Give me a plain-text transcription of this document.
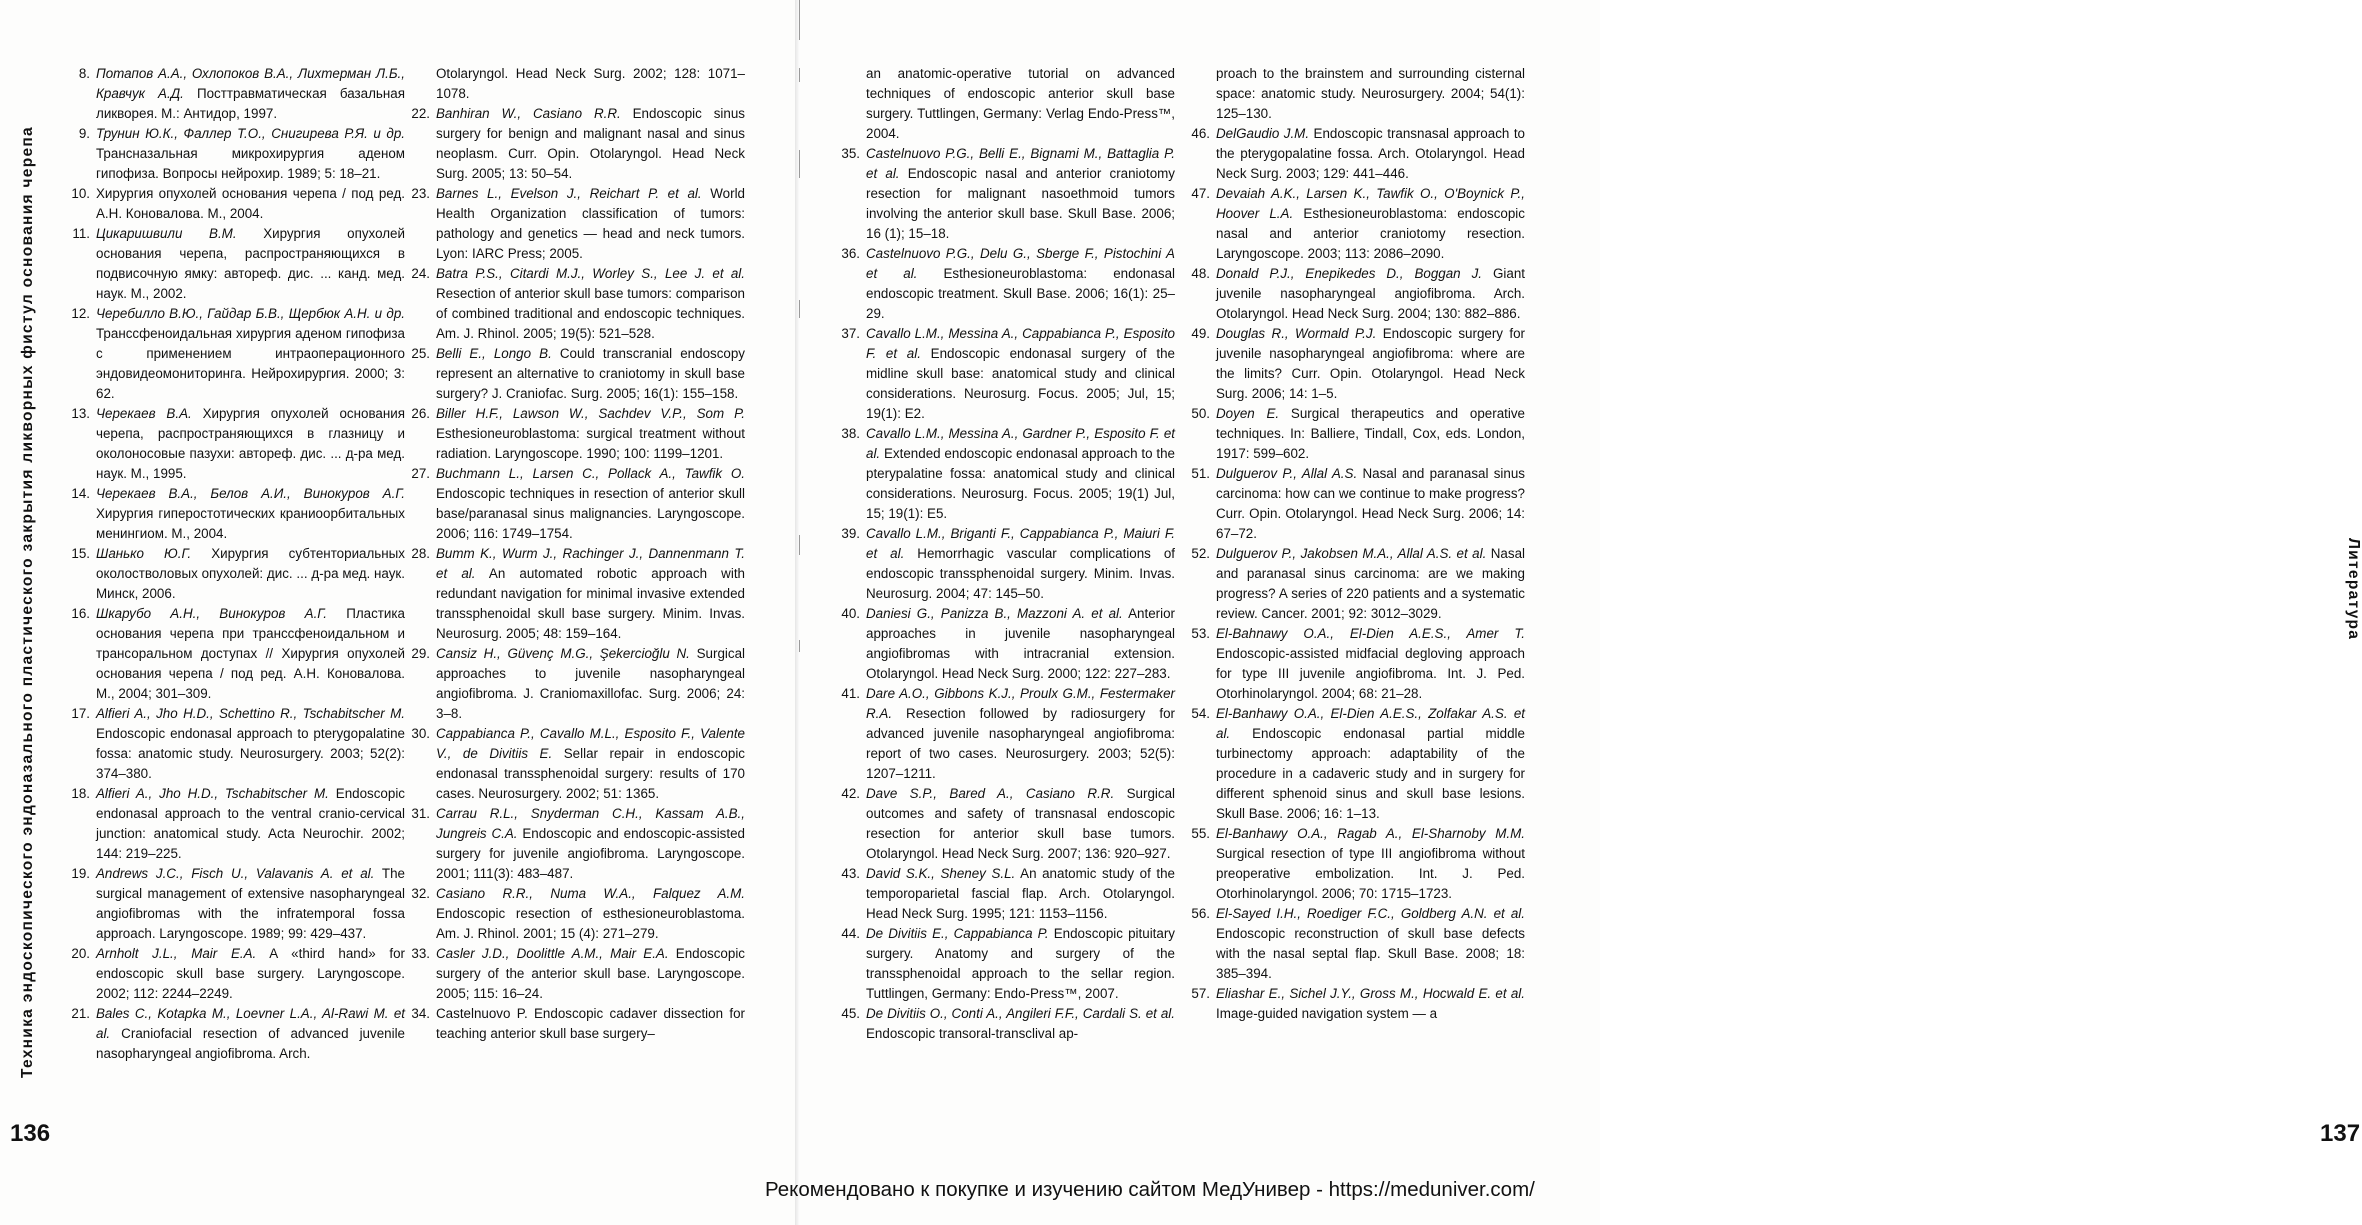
Техника эндоскопического эндоназального пластического закрытия ликворных фистул основания черепа
8. Потапов А.А., Охлопоков В.А., Лихтерман Л.Б., Кравчук А.Д. Посттравматическая базальная ликворея. М.: Антидор, 1997.
9. Трунин Ю.К., Фаллер Т.О., Снигирева Р.Я. и др. Трансназальная микрохирургия аденом гипофиза. Вопросы нейрохир. 1989; 5: 18–21.
10. Хирургия опухолей основания черепа / под ред. А.Н. Коновалова. М., 2004.
11. Цикаришвили В.М. Хирургия опухолей основания черепа, распространяющихся в подвисочную ямку: автореф. дис. ... канд. мед. наук. М., 2002.
12. Черебилло В.Ю., Гайдар Б.В., Щербюк А.Н. и др. Транссфеноидальная хирургия аденом гипофиза с применением интраоперационного эндовидеомониторинга. Нейрохирургия. 2000; 3: 62.
13. Черекаев В.А. Хирургия опухолей основания черепа, распространяющихся в глазницу и околоносовые пазухи: автореф. дис. ... д-ра мед. наук. М., 1995.
14. Черекаев В.А., Белов А.И., Винокуров А.Г. Хирургия гиперостотических краниоорбитальных менингиом. М., 2004.
15. Шанько Ю.Г. Хирургия субтенториальных околостволовых опухолей: дис. ... д-ра мед. наук. Минск, 2006.
16. Шкарубо А.Н., Винокуров А.Г. Пластика основания черепа при транссфеноидальном и трансоральном доступах // Хирургия опухолей основания черепа / под ред. А.Н. Коновалова. М., 2004; 301–309.
17. Alfieri A., Jho H.D., Schettino R., Tschabitscher M. Endoscopic endonasal approach to pterygopalatine fossa: anatomic study. Neurosurgery. 2003; 52(2): 374–380.
18. Alfieri A., Jho H.D., Tschabitscher M. Endoscopic endonasal approach to the ventral cranio-cervical junction: anatomical study. Acta Neurochir. 2002; 144: 219–225.
19. Andrews J.C., Fisch U., Valavanis A. et al. The surgical management of extensive nasopharyngeal angiofibromas with the infratemporal fossa approach. Laryngoscope. 1989; 99: 429–437.
20. Arnholt J.L., Mair E.A. A «third hand» for endoscopic skull base surgery. Laryngoscope. 2002; 112: 2244–2249.
21. Bales C., Kotapka M., Loevner L.A., Al-Rawi M. et al. Craniofacial resection of advanced juvenile nasopharyngeal angiofibroma. Arch.
Otolaryngol. Head Neck Surg. 2002; 128: 1071–1078.
22. Banhiran W., Casiano R.R. Endoscopic sinus surgery for benign and malignant nasal and sinus neoplasm. Curr. Opin. Otolaryngol. Head Neck Surg. 2005; 13: 50–54.
23. Barnes L., Evelson J., Reichart P. et al. World Health Organization classification of tumors: pathology and genetics — head and neck tumors. Lyon: IARC Press; 2005.
24. Batra P.S., Citardi M.J., Worley S., Lee J. et al. Resection of anterior skull base tumors: comparison of combined traditional and endoscopic techniques. Am. J. Rhinol. 2005; 19(5): 521–528.
25. Belli E., Longo B. Could transcranial endoscopy represent an alternative to craniotomy in skull base surgery? J. Craniofac. Surg. 2005; 16(1): 155–158.
26. Biller H.F., Lawson W., Sachdev V.P., Som P. Esthesioneuroblastoma: surgical treatment without radiation. Laryngoscope. 1990; 100: 1199–1201.
27. Buchmann L., Larsen C., Pollack A., Tawfik O. Endoscopic techniques in resection of anterior skull base/paranasal sinus malignancies. Laryngoscope. 2006; 116: 1749–1754.
28. Bumm K., Wurm J., Rachinger J., Dannenmann T. et al. An automated robotic approach with redundant navigation for minimal invasive extended transsphenoidal skull base surgery. Minim. Invas. Neurosurg. 2005; 48: 159–164.
29. Cansiz H., Güvenç M.G., Şekercioğlu N. Surgical approaches to juvenile nasopharyngeal angiofibroma. J. Craniomaxillofac. Surg. 2006; 24: 3–8.
30. Cappabianca P., Cavallo M.L., Esposito F., Valente V., de Divitiis E. Sellar repair in endoscopic endonasal transsphenoidal surgery: results of 170 cases. Neurosurgery. 2002; 51: 1365.
31. Carrau R.L., Snyderman C.H., Kassam A.B., Jungreis C.A. Endoscopic and endoscopic-assisted surgery for juvenile angiofibroma. Laryngoscope. 2001; 111(3): 483–487.
32. Casiano R.R., Numa W.A., Falquez A.M. Endoscopic resection of esthesioneuroblastoma. Am. J. Rhinol. 2001; 15 (4): 271–279.
33. Casler J.D., Doolittle A.M., Mair E.A. Endoscopic surgery of the anterior skull base. Laryngoscope. 2005; 115: 16–24.
34. Castelnuovo P. Endoscopic cadaver dissection for teaching anterior skull base surgery–
136
an anatomic-operative tutorial on advanced techniques of endoscopic anterior skull base surgery. Tuttlingen, Germany: Verlag Endo-Press™, 2004.
35. Castelnuovo P.G., Belli E., Bignami M., Battaglia P. et al. Endoscopic nasal and anterior craniotomy resection for malignant nasoethmoid tumors involving the anterior skull base. Skull Base. 2006; 16 (1); 15–18.
36. Castelnuovo P.G., Delu G., Sberge F., Pistochini A et al. Esthesioneuroblastoma: endonasal endoscopic treatment. Skull Base. 2006; 16(1): 25–29.
37. Cavallo L.M., Messina A., Cappabianca P., Esposito F. et al. Endoscopic endonasal surgery of the midline skull base: anatomical study and clinical considerations. Neurosurg. Focus. 2005; Jul, 15; 19(1): E2.
38. Cavallo L.M., Messina A., Gardner P., Esposito F. et al. Extended endoscopic endonasal approach to the pterypalatine fossa: anatomical study and clinical considerations. Neurosurg. Focus. 2005; 19(1) Jul, 15; 19(1): E5.
39. Cavallo L.M., Briganti F., Cappabianca P., Maiuri F. et al. Hemorrhagic vascular complications of endoscopic transsphenoidal surgery. Minim. Invas. Neurosurg. 2004; 47: 145–50.
40. Daniesi G., Panizza B., Mazzoni A. et al. Anterior approaches in juvenile nasopharyngeal angiofibromas with intracranial extension. Otolaryngol. Head Neck Surg. 2000; 122: 227–283.
41. Dare A.O., Gibbons K.J., Proulx G.M., Festermaker R.A. Resection followed by radiosurgery for advanced juvenile nasopharyngeal angiofibroma: report of two cases. Neurosurgery. 2003; 52(5): 1207–1211.
42. Dave S.P., Bared A., Casiano R.R. Surgical outcomes and safety of transnasal endoscopic resection for anterior skull base tumors. Otolaryngol. Head Neck Surg. 2007; 136: 920–927.
43. David S.K., Sheney S.L. An anatomic study of the temporoparietal fascial flap. Arch. Otolaryngol. Head Neck Surg. 1995; 121: 1153–1156.
44. De Divitiis E., Cappabianca P. Endoscopic pituitary surgery. Anatomy and surgery of the transsphenoidal approach to the sellar region. Tuttlingen, Germany: Endo-Press™, 2007.
45. De Divitiis O., Conti A., Angileri F.F., Cardali S. et al. Endoscopic transoral-transclival ap-
proach to the brainstem and surrounding cisternal space: anatomic study. Neurosurgery. 2004; 54(1): 125–130.
46. DelGaudio J.M. Endoscopic transnasal approach to the pterygopalatine fossa. Arch. Otolaryngol. Head Neck Surg. 2003; 129: 441–446.
47. Devaiah A.K., Larsen K., Tawfik O., O'Boynick P., Hoover L.A. Esthesioneuroblastoma: endoscopic nasal and anterior craniotomy resection. Laryngoscope. 2003; 113: 2086–2090.
48. Donald P.J., Enepikedes D., Boggan J. Giant juvenile nasopharyngeal angiofibroma. Arch. Otolaryngol. Head Neck Surg. 2004; 130: 882–886.
49. Douglas R., Wormald P.J. Endoscopic surgery for juvenile nasopharyngeal angiofibroma: where are the limits? Curr. Opin. Otolaryngol. Head Neck Surg. 2006; 14: 1–5.
50. Doyen E. Surgical therapeutics and operative techniques. In: Balliere, Tindall, Cox, eds. London, 1917: 599–602.
51. Dulguerov P., Allal A.S. Nasal and paranasal sinus carcinoma: how can we continue to make progress? Curr. Opin. Otolaryngol. Head Neck Surg. 2006; 14: 67–72.
52. Dulguerov P., Jakobsen M.A., Allal A.S. et al. Nasal and paranasal sinus carcinoma: are we making progress? A series of 220 patients and a systematic review. Cancer. 2001; 92: 3012–3029.
53. El-Bahnawy O.A., El-Dien A.E.S., Amer T. Endoscopic-assisted midfacial degloving approach for type III juvenile angiofibroma. Int. J. Ped. Otorhinolaryngol. 2004; 68: 21–28.
54. El-Banhawy O.A., El-Dien A.E.S., Zolfakar A.S. et al. Endoscopic endonasal partial middle turbinectomy approach: adaptability of the procedure in a cadaveric study and in surgery for different sphenoid sinus and skull base lesions. Skull Base. 2006; 16: 1–13.
55. El-Banhawy O.A., Ragab A., El-Sharnoby M.M. Surgical resection of type III angiofibroma without preoperative embolization. Int. J. Ped. Otorhinolaryngol. 2006; 70: 1715–1723.
56. El-Sayed I.H., Roediger F.C., Goldberg A.N. et al. Endoscopic reconstruction of skull base defects with the nasal septal flap. Skull Base. 2008; 18: 385–394.
57. Eliashar E., Sichel J.Y., Gross M., Hocwald E. et al. Image-guided navigation system — a
Литература
137
Рекомендовано к покупке и изучению сайтом МедУнивер - https://meduniver.com/
